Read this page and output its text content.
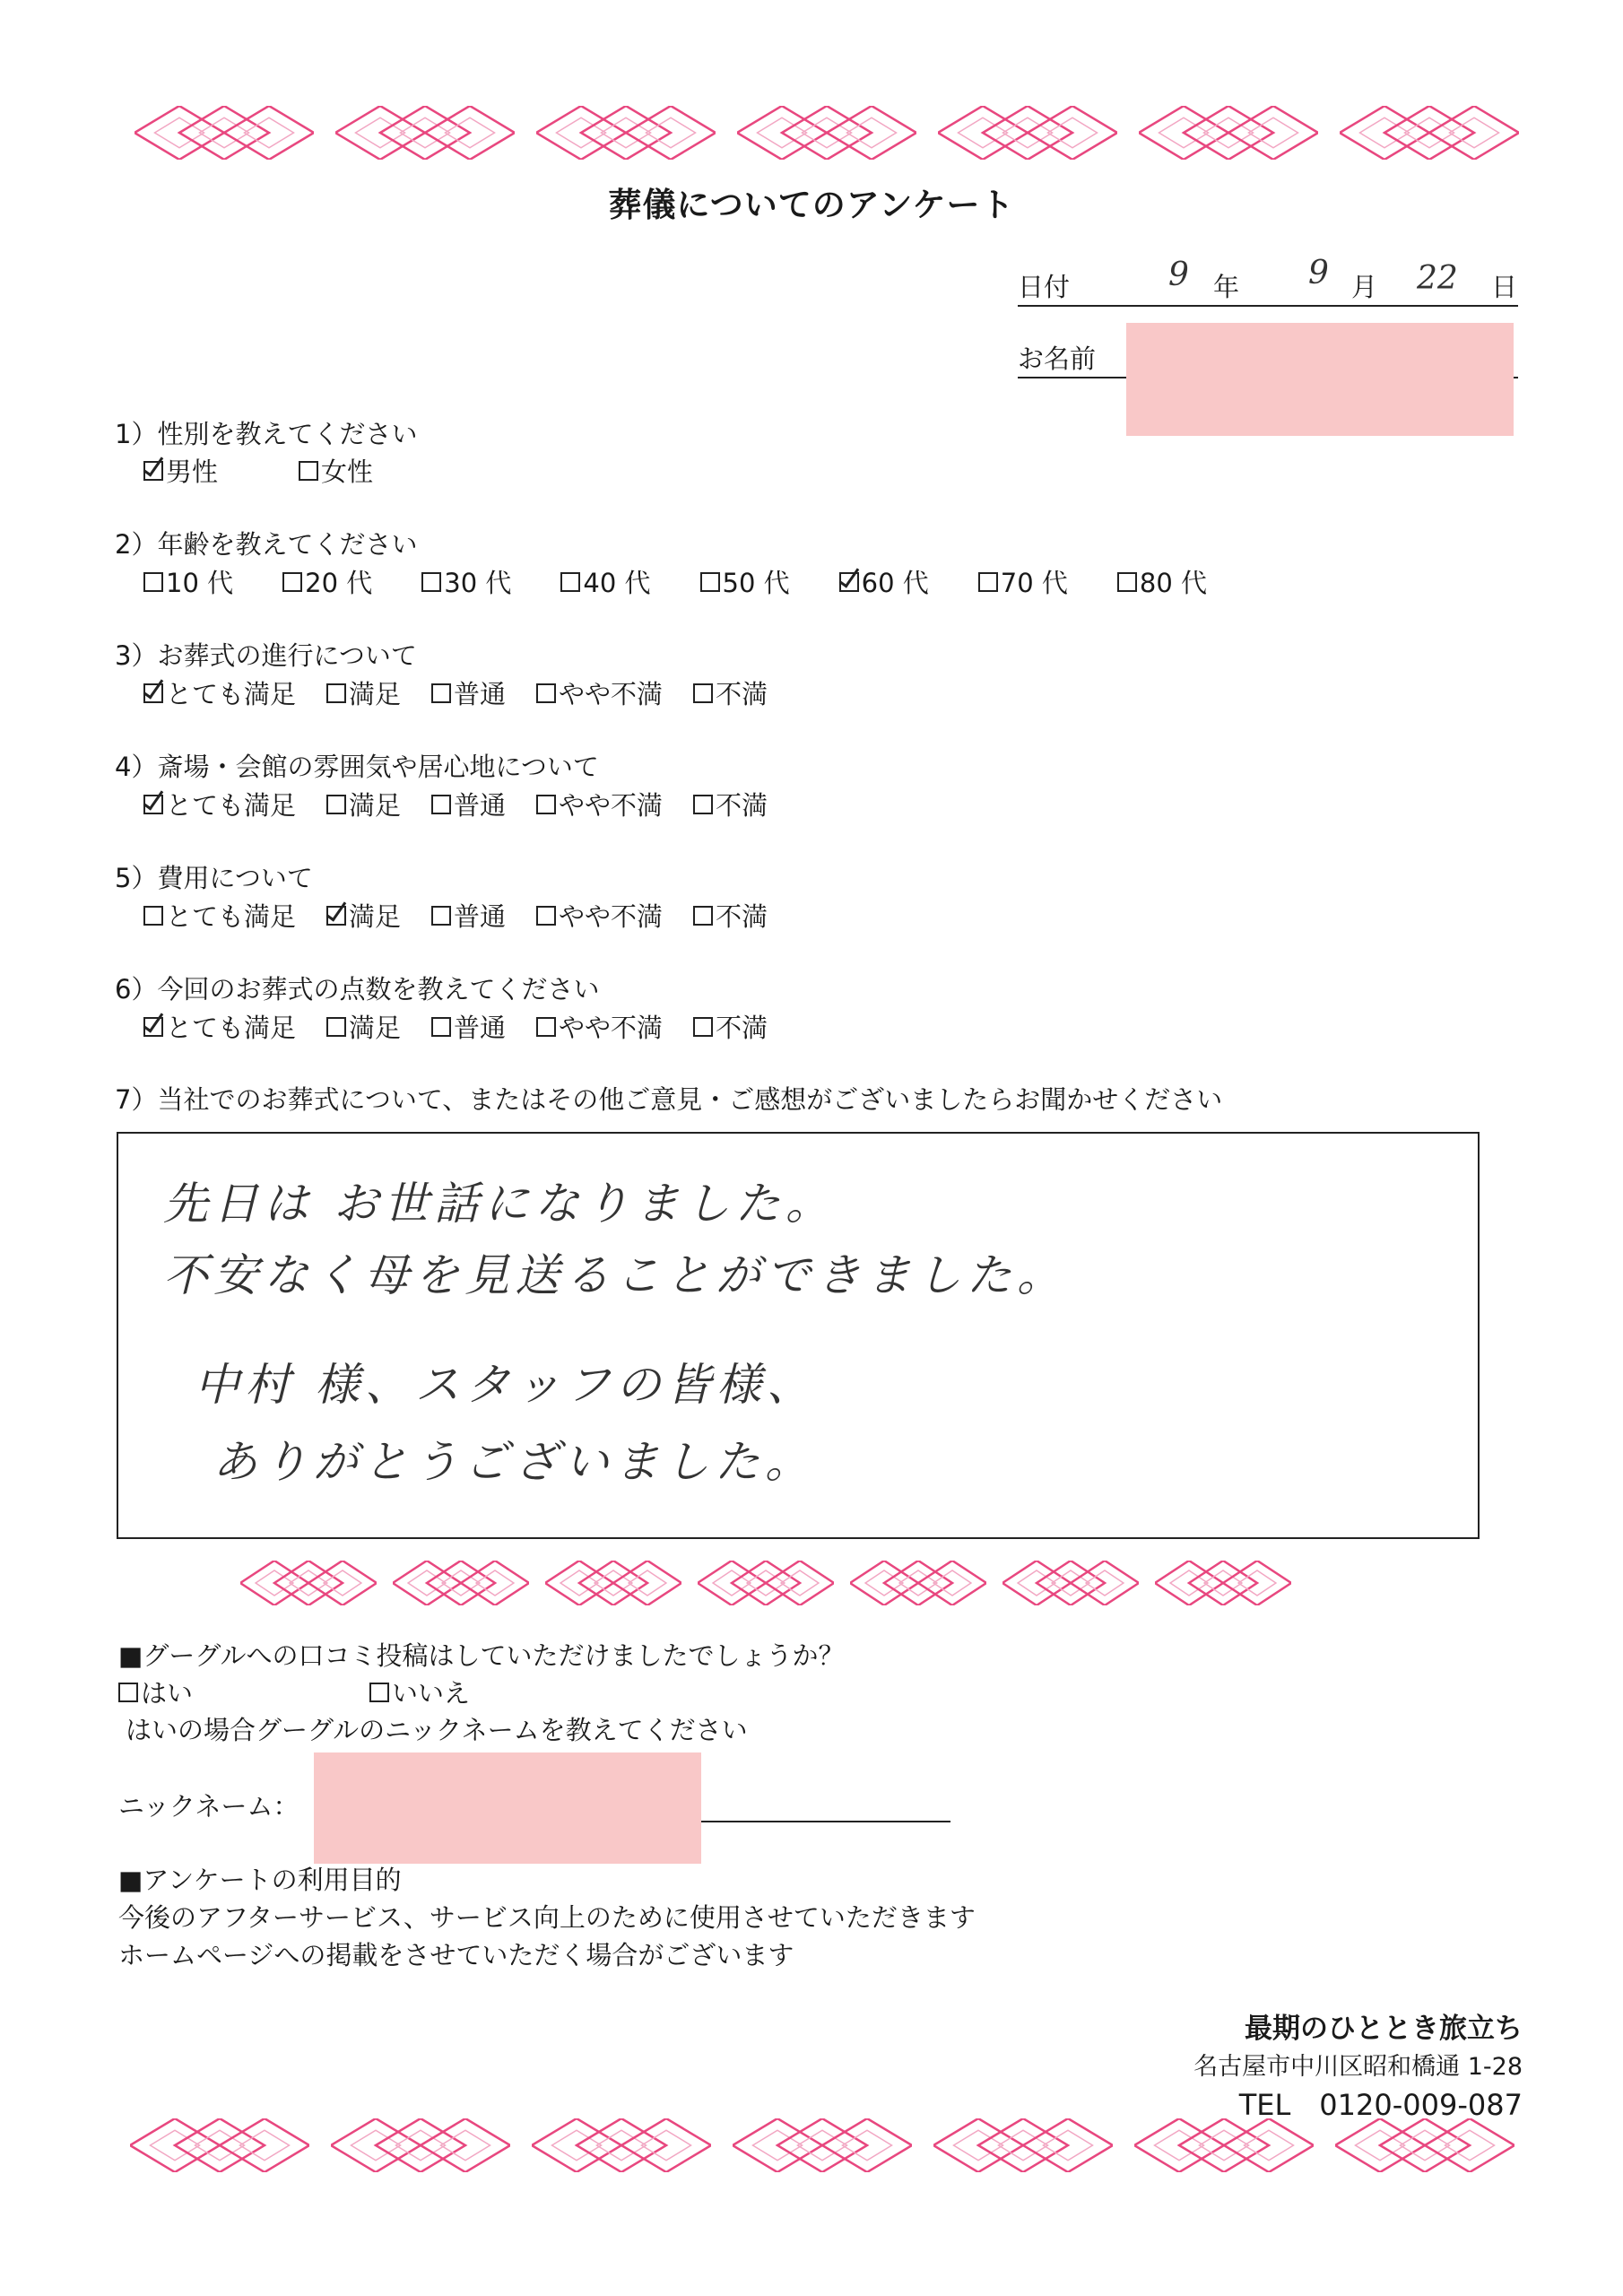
葬儀についてのアンケート
日付	9 年 9 月 22 日
お名前
1）性別を教えてください
男性	女性
2）年齢を教えてください
10 代	20 代	30 代	40 代	50 代	60 代	70 代	80 代
3）お葬式の進行について
とても満足 満足 普通 やや不満 不満
4）斎場・会館の雰囲気や居心地について
とても満足 満足 普通 やや不満 不満
5）費用について
とても満足 満足 普通 やや不満 不満
6）今回のお葬式の点数を教えてください
とても満足 満足 普通 やや不満 不満
7）当社でのお葬式について、またはその他ご意見・ご感想がございましたらお聞かせください
先日は お世話になりました。
不安なく母を見送ることができました。
中村 様、スタッフの皆様、
ありがとうございました。
■グーグルへの口コミ投稿はしていただけましたでしょうか？
はい	いいえ
はいの場合グーグルのニックネームを教えてください
ニックネーム：
■アンケートの利用目的
今後のアフターサービス、サービス向上のために使用させていただきます
ホームページへの掲載をさせていただく場合がございます
最期のひととき旅立ち
名古屋市中川区昭和橋通 1-28
TEL　0120-009-087
